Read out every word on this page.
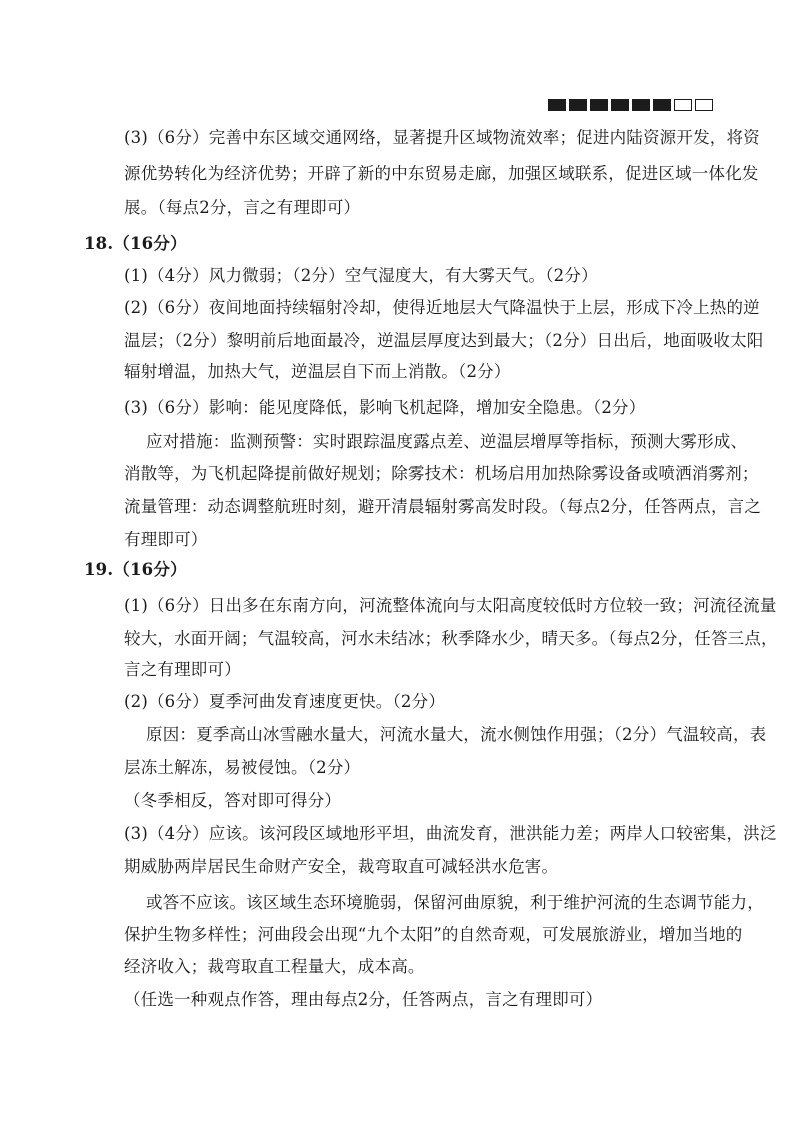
(3)（6分）完善中东区域交通网络，显著提升区域物流效率；促进内陆资源开发，将资
源优势转化为经济优势；开辟了新的中东贸易走廊，加强区域联系，促进区域一体化发
展。（每点2分，言之有理即可）
18.（16分）
(1)（4分）风力微弱；（2分）空气湿度大，有大雾天气。（2分）
(2)（6分）夜间地面持续辐射冷却，使得近地层大气降温快于上层，形成下冷上热的逆
温层；（2分）黎明前后地面最冷，逆温层厚度达到最大；（2分）日出后，地面吸收太阳
辐射增温，加热大气，逆温层自下而上消散。（2分）
(3)（6分）影响：能见度降低，影响飞机起降，增加安全隐患。（2分）
应对措施：监测预警：实时跟踪温度露点差、逆温层增厚等指标，预测大雾形成、
消散等，为飞机起降提前做好规划；除雾技术：机场启用加热除雾设备或喷洒消雾剂；
流量管理：动态调整航班时刻，避开清晨辐射雾高发时段。（每点2分，任答两点，言之
有理即可）
19.（16分）
(1)（6分）日出多在东南方向，河流整体流向与太阳高度较低时方位较一致；河流径流量
较大，水面开阔；气温较高，河水未结冰；秋季降水少，晴天多。（每点2分，任答三点，
言之有理即可）
(2)（6分）夏季河曲发育速度更快。（2分）
原因：夏季高山冰雪融水量大，河流水量大，流水侧蚀作用强；（2分）气温较高，表
层冻土解冻，易被侵蚀。（2分）
（冬季相反，答对即可得分）
(3)（4分）应该。该河段区域地形平坦，曲流发育，泄洪能力差；两岸人口较密集，洪泛
期威胁两岸居民生命财产安全，裁弯取直可减轻洪水危害。
或答不应该。该区域生态环境脆弱，保留河曲原貌，利于维护河流的生态调节能力，
保护生物多样性；河曲段会出现“九个太阳”的自然奇观，可发展旅游业，增加当地的
经济收入；裁弯取直工程量大，成本高。
（任选一种观点作答，理由每点2分，任答两点，言之有理即可）
